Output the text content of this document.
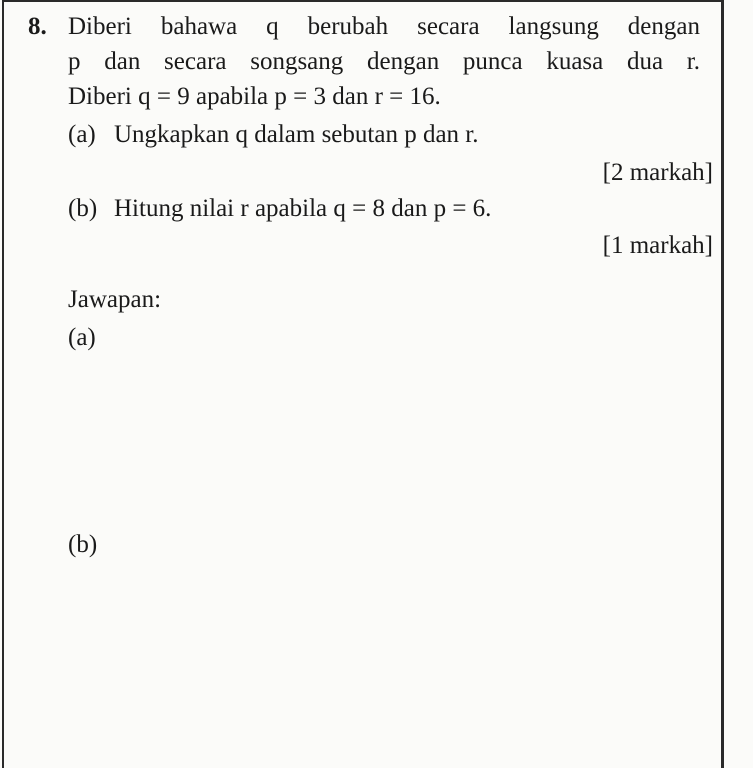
8. Diberi bahawa q berubah secara langsung dengan
p dan secara songsang dengan punca kuasa dua r.
Diberi q = 9 apabila p = 3 dan r = 16.
(a) Ungkapkan q dalam sebutan p dan r.
[2 markah]
(b) Hitung nilai r apabila q = 8 dan p = 6.
[1 markah]
Jawapan:
(a)
(b)
